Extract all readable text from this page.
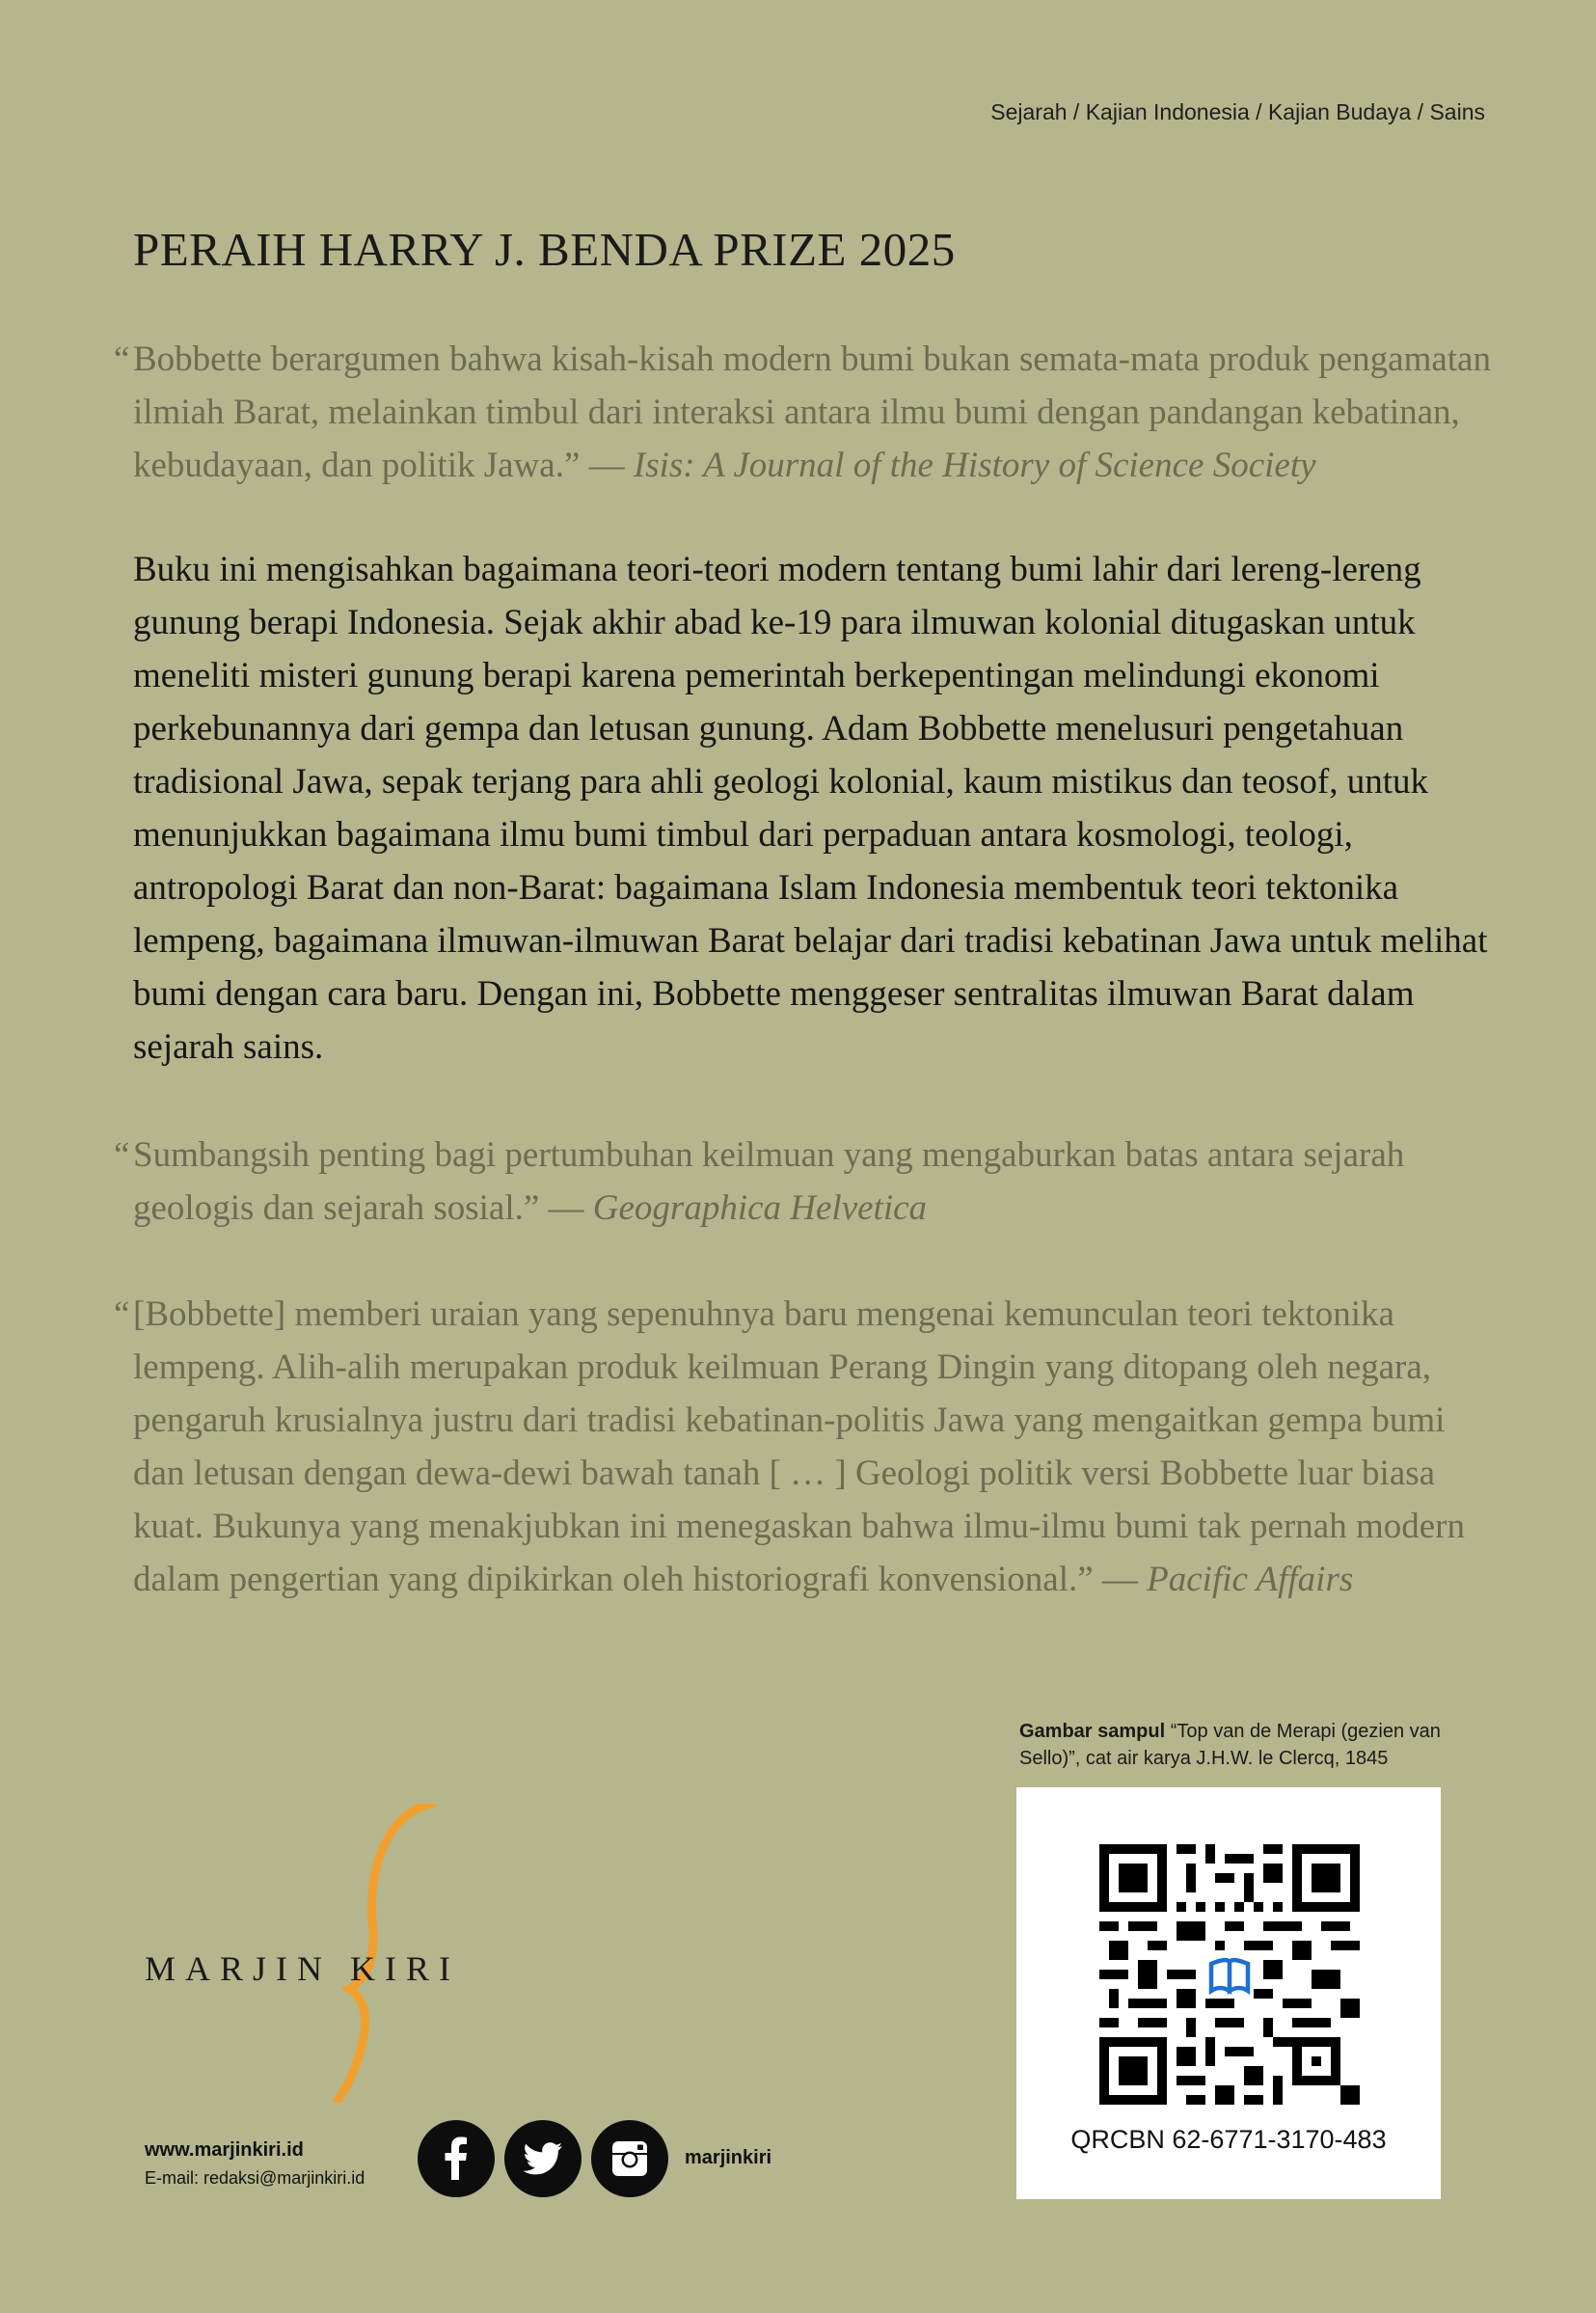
Sejarah / Kajian Indonesia / Kajian Budaya / Sains
PERAIH HARRY J. BENDA PRIZE 2025
“ Bobbette berargumen bahwa kisah-kisah modern bumi bukan semata-mata produk pengamatan ilmiah Barat, melainkan timbul dari interaksi antara ilmu bumi dengan pandangan kebatinan, kebudayaan, dan politik Jawa.” — Isis: A Journal of the History of Science Society
Buku ini mengisahkan bagaimana teori-teori modern tentang bumi lahir dari lereng-lereng gunung berapi Indonesia. Sejak akhir abad ke-19 para ilmuwan kolonial ditugaskan untuk meneliti misteri gunung berapi karena pemerintah berkepentingan melindungi ekonomi perkebunannya dari gempa dan letusan gunung. Adam Bobbette menelusuri pengetahuan tradisional Jawa, sepak terjang para ahli geologi kolonial, kaum mistikus dan teosof, untuk menunjukkan bagaimana ilmu bumi timbul dari perpaduan antara kosmologi, teologi, antropologi Barat dan non-Barat: bagaimana Islam Indonesia membentuk teori tektonika lempeng, bagaimana ilmuwan-ilmuwan Barat belajar dari tradisi kebatinan Jawa untuk melihat bumi dengan cara baru. Dengan ini, Bobbette menggeser sentralitas ilmuwan Barat dalam sejarah sains.
“ Sumbangsih penting bagi pertumbuhan keilmuan yang mengaburkan batas antara sejarah geologis dan sejarah sosial.” — Geographica Helvetica
“ [Bobbette] memberi uraian yang sepenuhnya baru mengenai kemunculan teori tektonika lempeng. Alih-alih merupakan produk keilmuan Perang Dingin yang ditopang oleh negara, pengaruh krusialnya justru dari tradisi kebatinan-politis Jawa yang mengaitkan gempa bumi dan letusan dengan dewa-dewi bawah tanah [ … ] Geologi politik versi Bobbette luar biasa kuat. Bukunya yang menakjubkan ini menegaskan bahwa ilmu-ilmu bumi tak pernah modern dalam pengertian yang dipikirkan oleh historiografi konvensional.” — Pacific Affairs
Gambar sampul “Top van de Merapi (gezien van Sello)”, cat air karya J.H.W. le Clercq, 1845
QRCBN 62-6771-3170-483
MARJIN KIRI
www.marjinkiri.id
E-mail: redaksi@marjinkiri.id
marjinkiri
